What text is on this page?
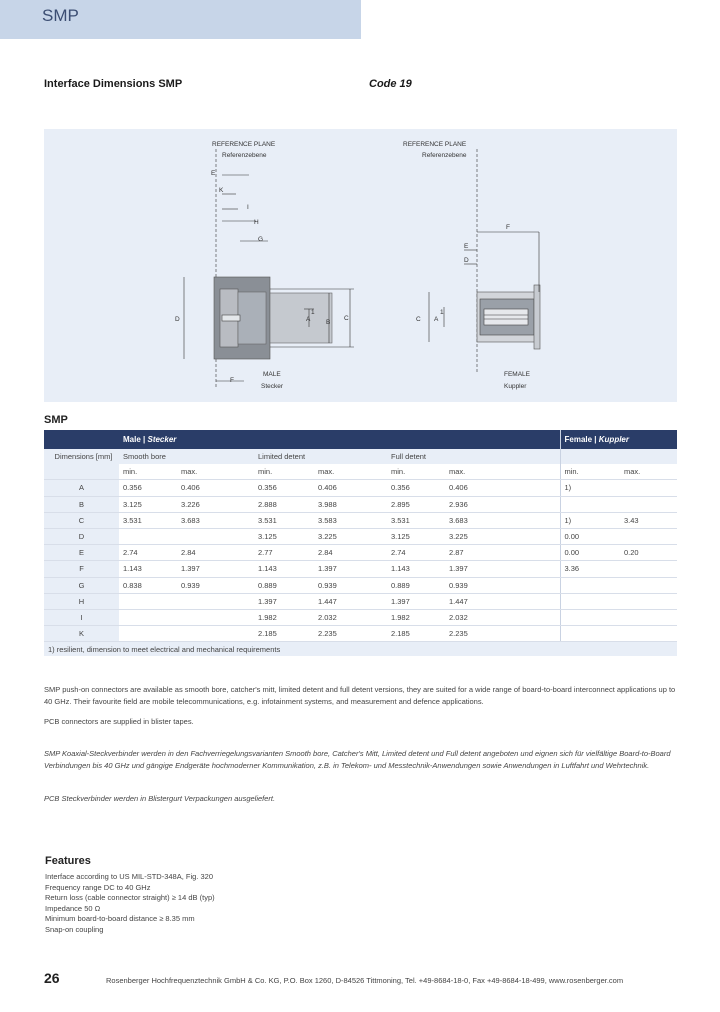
SMP
Interface Dimensions SMP	Code 19
REFERENCE PLANE
Referenzebene
E
K
I
H
G
D	A
1
B
C
F
MALE
Stecker
REFERENCE PLANE
Referenzebene
F
E
D
C A
1
FEMALE
Kuppler
SMP
	Male | Stecker						Female | Kuppler	
Dimensions [mm]	Smooth bore		Limited detent		Full detent			
	min.	max.	min.	max.	min.	max.	min.	max.
A	0.356	0.406	0.356	0.406	0.356	0.406	1)	
B	3.125	3.226	2.888	3.988	2.895	2.936		
C	3.531	3.683	3.531	3.583	3.531	3.683	1)	3.43
D			3.125	3.225	3.125	3.225	0.00	
E	2.74	2.84	2.77	2.84	2.74	2.87	0.00	0.20
F	1.143	1.397	1.143	1.397	1.143	1.397	3.36	
G	0.838	0.939	0.889	0.939	0.889	0.939		
H			1.397	1.447	1.397	1.447		
I			1.982	2.032	1.982	2.032		
K			2.185	2.235	2.185	2.235		
1) resilient, dimension to meet electrical and mechanical requirements								
SMP push-on connectors are available as smooth bore, catcher's mitt, limited detent and full detent versions, they are suited for a wide range of board-to-board interconnect applications up to 40 GHz. Their favourite field are mobile telecommunications, e.g. infotainment systems, and measurement and defence applications.
PCB connectors are supplied in blister tapes.
SMP Koaxial-Steckverbinder werden in den Fachverriegelungsvarianten Smooth bore, Catcher's Mitt, Limited detent und Full detent angeboten und eignen sich für vielfältige Board-to-Board Verbindungen bis 40 GHz und gängige Endgeräte hochmoderner Kommunikation, z.B. in Telekom- und Messtechnik-Anwendungen sowie Anwendungen in Luftfahrt und Wehrtechnik.
PCB Steckverbinder werden in Blistergurt Verpackungen ausgeliefert.
Features
Interface according to US MIL-STD-348A, Fig. 320
Frequency range DC to 40 GHz
Return loss (cable connector straight) ≥ 14 dB (typ)
Impedance 50 Ω
Minimum board-to-board distance ≥ 8.35 mm
Snap-on coupling
26	Rosenberger Hochfrequenztechnik GmbH & Co. KG, P.O. Box 1260, D-84526 Tittmoning, Tel. +49-8684-18-0, Fax +49-8684-18-499, www.rosenberger.com
